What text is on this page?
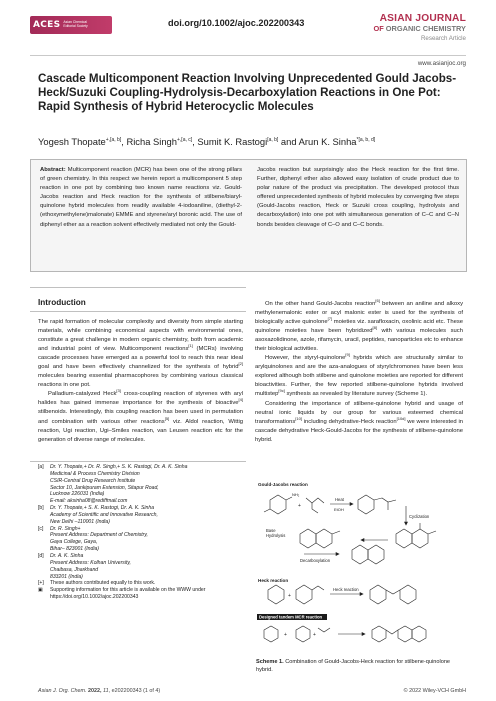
ACES Asian Chemical Editorial Society	doi.org/10.1002/ajoc.202200343	ASIAN JOURNAL
OF ORGANIC CHEMISTRY
Research Article
www.asianjoc.org
Cascade Multicomponent Reaction Involving Unprecedented Gould Jacobs-Heck/Suzuki Coupling-Hydrolysis-Decarboxylation Reactions in One Pot: Rapid Synthesis of Hybrid Heterocyclic Molecules
Yogesh Thopate$^{+,[a, b]}$, Richa Singh$^{+,[a, c]}$, Sumit K. Rastogi[a, b] and Arun K. Sinha$^{*[a, b, d]}$
Abstract: Multicomponent reaction (MCR) has been one of the strong pillars of green chemistry. In this respect we herein report a multicomponent 5 step reaction in one pot by combining two known name reactions viz. Gould-Jacobs reaction and Heck reaction for the synthesis of stilbene/biaryl-quinolone hybrid molecules from readily available 4-iodoaniline, (diethyl-2-(ethoxymethylene)malonate) EMME and styrene/aryl boronic acid. The use of diphenyl ether as a reaction solvent effectively mediated not only the Gould-
Jacobs reaction but surprisingly also the Heck reaction for the first time. Further, diphenyl ether also allowed easy isolation of crude product due to polar nature of the product via precipitation. The developed protocol thus offered unprecedented synthesis of hybrid molecules by converging five steps (Gould-Jacobs reaction, Heck or Suzuki cross coupling, hydrolysis and decarboxylation) into one pot with simultaneous generation of C–C and C–N bonds besides cleavage of C–O and C–C bonds.
Introduction

The rapid formation of molecular complexity and diversity from simple starting materials, while combining economical aspects with environmental ones, constitute a great challenge in modern organic chemistry, both from academic and industrial point of view. Multicomponent reactions[1] (MCRs) involving cascade processes have emerged as a powerful tool to reach this near ideal goal and have been effectively channelized for the synthesis of hybrid[2] molecules bearing essential pharmacophores by combining various classical reactions in one pot.

Palladium-catalyzed Heck[3] cross-coupling reaction of styrenes with aryl halides has gained immense importance for the synthesis of bioactive[4] stilbenoids. Interestingly, this coupling reaction has been used in permutation and combination with various other reactions[5] viz. Aldol reaction, Wittig reaction, Ugi reaction, Ugi–Smiles reaction, van Leusen reaction etc for the generation of diverse range of molecules.

On the other hand Gould-Jacobs reaction[6] between an aniline and alkoxy methylenemalonic ester or acyl malonic ester is used for the synthesis of biologically active quinolone[7] moieties viz. sarafloxacin, oxolinic acid etc. These quinolone moieties have been hybridized[8] with various molecules such asoxazolidinone, azole, rifamycin, uracil, peptides, nanoparticles etc to enhance their biological activities.

However, the styryl-quinolone[9] hybrids which are structurally similar to arylquinolones and are the aza-analogues of styrylchromones have been less explored although both stilbene and quinolone moieties are reported for different bioactivities. Further, the few reported stilbene-quinolone hybrids involved multistep[9c] synthesis as revealed by literature survey (Scheme 1).

Considering the importance of stilbene-quinolone hybrid and usage of neutral ionic liquids by our group for various esteemed chemical transformations[10] including dehydrative-Heck reaction[10d] we were interested in cascade dehydrative Heck-Gould-Jacobs for the synthesis of stilbene-quinolone hybrid.

[a]	Dr. Y. Thopate,+ Dr. R. Singh,+ S. K. Rastogi, Dr. A. K. Sinha
Medicinal & Process Chemistry Division
CSIR-Central Drug Research Institute
Sector 10, Jankipuram Extension, Sitapur Road,
Lucknow 226031 (India)
E-mail: aksinha08@rediffmail.com
[b]	Dr. Y. Thopate,+ S. K. Rastogi, Dr. A. K. Sinha
Academy of Scientific and Innovative Research,
New Delhi –110001 (India)
[c]	Dr. R. Singh+
Present Address: Department of Chemistry,
Gaya College, Gaya,
Bihar– 823001 (India)
[d]	Dr. A. K. Sinha
Present Address: Kolhan University,
Chaibasa, Jharkhand
833201 (India)
[+]	These authors contributed equally to this work.
▣	Supporting information for this article is available on the WWW under https://doi.org/10.1002/ajoc.202200343
Gould-Jacobs reaction
NH₂
+
Heat
EtOH
Cyclization
Base
Hydrolysis
Decarboxylation
Heck reaction
+
Heck reaction
Designed tandem MCR reaction
+	+
Scheme 1. Combination of Gould-Jacobs-Heck reaction for stilbene-quinolone hybrid.
Asian J. Org. Chem. 2022, 11, e202200343 (1 of 4)	© 2022 Wiley-VCH GmbH
